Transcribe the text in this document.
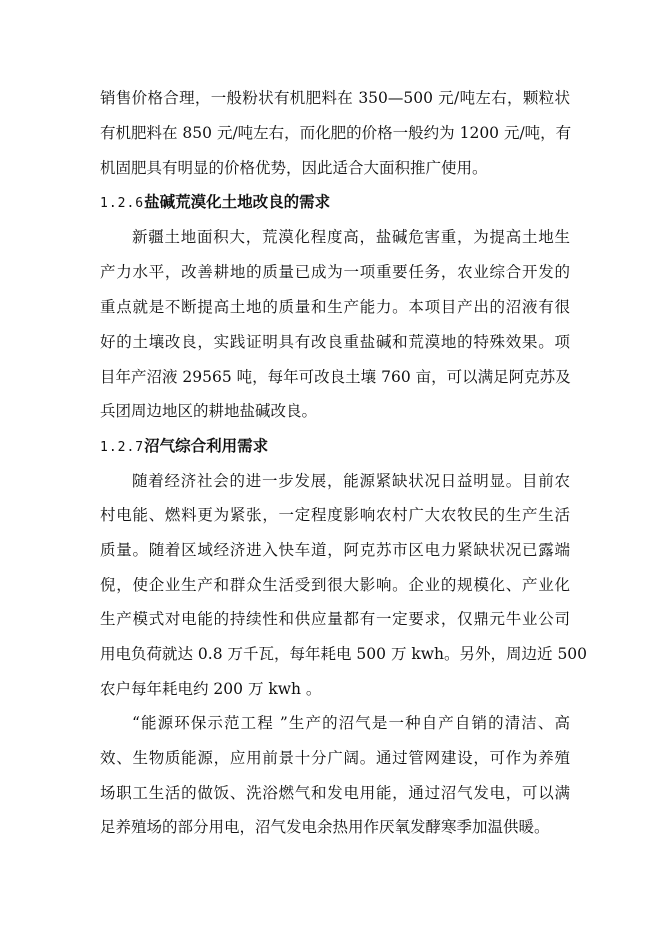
销售价格合理，一般粉状有机肥料在 350—500 元/吨左右，颗粒状
有机肥料在 850 元/吨左右，而化肥的价格一般约为 1200 元/吨，有
机固肥具有明显的价格优势，因此适合大面积推广使用。
1.2.6盐碱荒漠化土地改良的需求
新疆土地面积大，荒漠化程度高，盐碱危害重，为提高土地生
产力水平，改善耕地的质量已成为一项重要任务，农业综合开发的
重点就是不断提高土地的质量和生产能力。本项目产出的沼液有很
好的土壤改良，实践证明具有改良重盐碱和荒漠地的特殊效果。项
目年产沼液 29565 吨，每年可改良土壤 760 亩，可以满足阿克苏及
兵团周边地区的耕地盐碱改良。
1.2.7沼气综合利用需求
随着经济社会的进一步发展，能源紧缺状况日益明显。目前农
村电能、燃料更为紧张，一定程度影响农村广大农牧民的生产生活
质量。随着区域经济进入快车道，阿克苏市区电力紧缺状况已露端
倪，使企业生产和群众生活受到很大影响。企业的规模化、产业化
生产模式对电能的持续性和供应量都有一定要求，仅鼎元牛业公司
用电负荷就达 0.8 万千瓦，每年耗电 500 万 kwh。另外，周边近 500
农户每年耗电约 200 万 kwh 。
“能源环保示范工程 ”生产的沼气是一种自产自销的清洁、高
效、生物质能源，应用前景十分广阔。通过管网建设，可作为养殖
场职工生活的做饭、洗浴燃气和发电用能，通过沼气发电，可以满
足养殖场的部分用电，沼气发电余热用作厌氧发酵寒季加温供暖。
